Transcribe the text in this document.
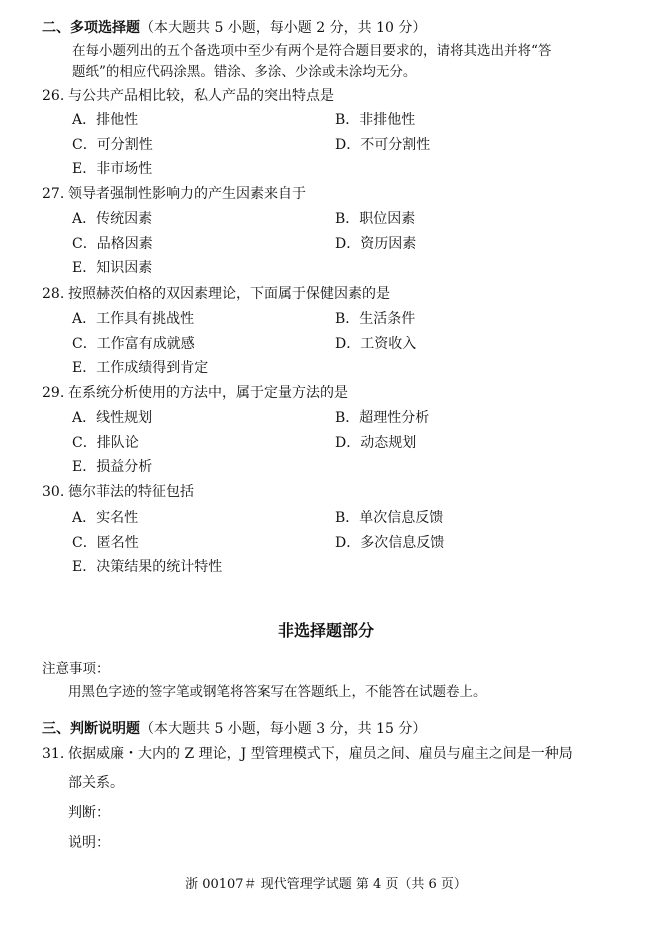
二、多项选择题（本大题共 5 小题，每小题 2 分，共 10 分）
在每小题列出的五个备选项中至少有两个是符合题目要求的，请将其选出并将“答
题纸”的相应代码涂黑。错涂、多涂、少涂或未涂均无分。
26. 与公共产品相比较，私人产品的突出特点是
A．排他性	B．非排他性
C．可分割性	D．不可分割性
E．非市场性
27. 领导者强制性影响力的产生因素来自于
A．传统因素	B．职位因素
C．品格因素	D．资历因素
E．知识因素
28. 按照赫茨伯格的双因素理论，下面属于保健因素的是
A．工作具有挑战性	B．生活条件
C．工作富有成就感	D．工资收入
E．工作成绩得到肯定
29. 在系统分析使用的方法中，属于定量方法的是
A．线性规划	B．超理性分析
C．排队论	D．动态规划
E．损益分析
30. 德尔菲法的特征包括
A．实名性	B．单次信息反馈
C．匿名性	D．多次信息反馈
E．决策结果的统计特性
非选择题部分
注意事项：
用黑色字迹的签字笔或钢笔将答案写在答题纸上，不能答在试题卷上。
三、判断说明题（本大题共 5 小题，每小题 3 分，共 15 分）
31. 依据威廉・大内的 Z 理论，J 型管理模式下，雇员之间、雇员与雇主之间是一种局
部关系。
判断：
说明：
浙 00107＃ 现代管理学试题 第 4 页（共 6 页）
